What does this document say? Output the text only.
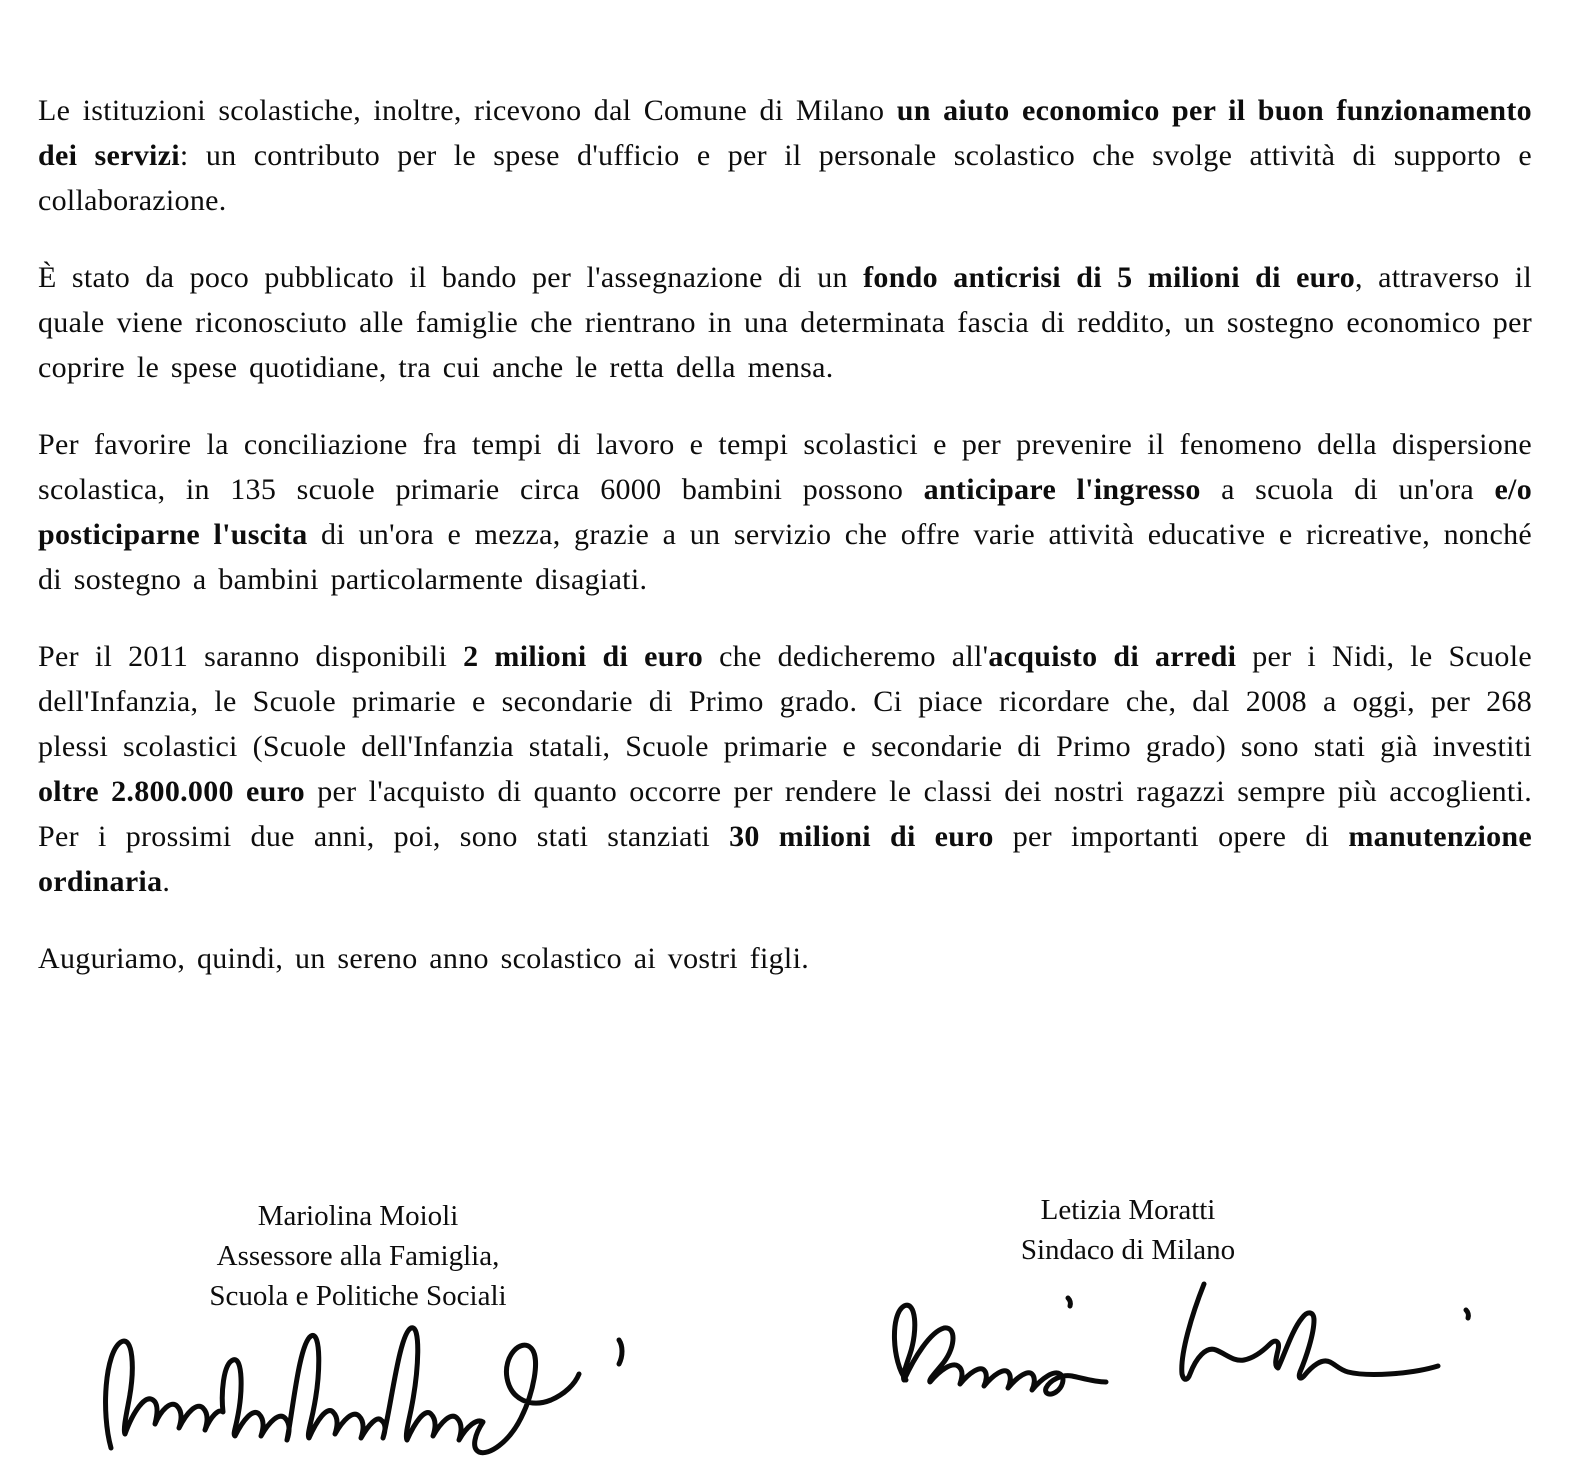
Le istituzioni scolastiche, inoltre, ricevono dal Comune di Milano un aiuto economico per il buon funzionamento dei servizi: un contributo per le spese d'ufficio e per il personale scolastico che svolge attività di supporto e collaborazione.

È stato da poco pubblicato il bando per l'assegnazione di un fondo anticrisi di 5 milioni di euro, attraverso il quale viene riconosciuto alle famiglie che rientrano in una determinata fascia di reddito, un sostegno economico per coprire le spese quotidiane, tra cui anche le retta della mensa.

Per favorire la conciliazione fra tempi di lavoro e tempi scolastici e per prevenire il fenomeno della dispersione scolastica, in 135 scuole primarie circa 6000 bambini possono anticipare l'ingresso a scuola di un'ora e/o posticiparne l'uscita di un'ora e mezza, grazie a un servizio che offre varie attività educative e ricreative, nonché di sostegno a bambini particolarmente disagiati.

Per il 2011 saranno disponibili 2 milioni di euro che dedicheremo all'acquisto di arredi per i Nidi, le Scuole dell'Infanzia, le Scuole primarie e secondarie di Primo grado. Ci piace ricordare che, dal 2008 a oggi, per 268 plessi scolastici (Scuole dell'Infanzia statali, Scuole primarie e secondarie di Primo grado) sono stati già investiti oltre 2.800.000 euro per l'acquisto di quanto occorre per rendere le classi dei nostri ragazzi sempre più accoglienti. Per i prossimi due anni, poi, sono stati stanziati 30 milioni di euro per importanti opere di manutenzione ordinaria.

Auguriamo, quindi, un sereno anno scolastico ai vostri figli.

Mariolina Moioli
Assessore alla Famiglia,
Scuola e Politiche Sociali
Letizia Moratti
Sindaco di Milano
